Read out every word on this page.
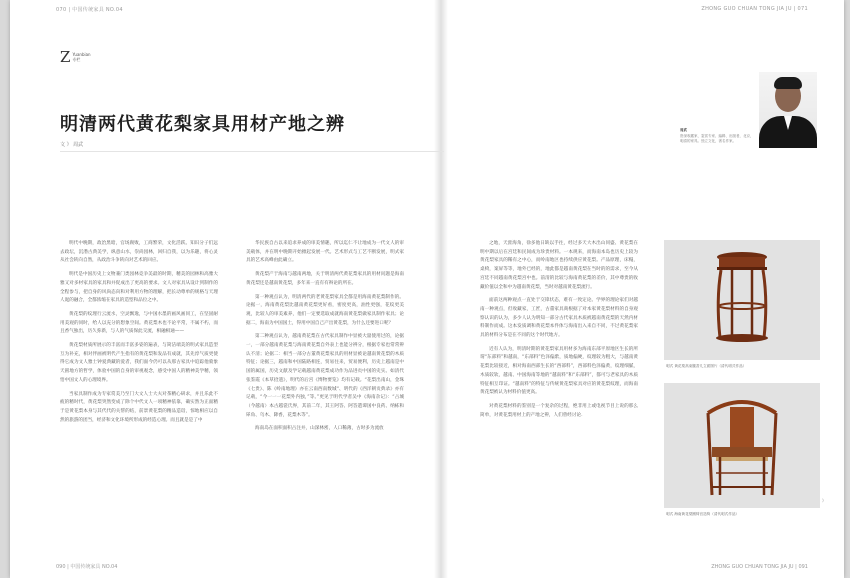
070 | 中国传统家具 NO.04	ZHONG GUO CHUAN TONG JIA JU | 071
Z Yuanbian
专栏
明清两代黄花梨家具用材产地之辨
文 》 周武

明代中晚期，政治黑暗，官场腐败，工商繁荣，文化活跃。知识分子们远去政坛，沉潜古典美学，纵意山水，崇尚园林，回归自我，以为乐趣，将心灵从社会转向自然，从政治斗争转向对艺术的回应。

明代是中国历史上文物兼门类园林竞争美最的时期，精美的园林和高雅大雅又对多材家具的家具和并促成出了更高的要求。文人对家具从设计到制作的全程参与，把自身的风尚态向和对利用方物的理解，把长动尊单的规格与天理人诞的融合，全都浓缩在家具的造型和品位之中。

黄花梨的纹理行云流水，空灵飘逸，与中国水墨的画风画同工，在坚固耐用美观的同时，给人以充分的想象空间。黄花梨木也不论平常，不属不朽，而且香气独出，历久弥新，与人的气质保此交流，相融相通——

黄花梨材质所展示的丰富而丰富多姿的遍表，与简洁端美的明式家具造型互为补充，相对伴画被明代产生指有的黄花梨和发品有成就，其先淳气质更使得它成为文人雅士钟爱典藏的爱者，我们面今仍可以从那古家具中追踪他骑象天圆地方的哲学，体验中国的自身的审视观念，感受中国人的精神美学精，领悟中国文人的心理境界。

当家具制作成为专家赏美乃至门大文人士大夫对茶精心研求，并且乐此不疲的精时代，黄花梨突然变成了除个中代文人一项精神依靠，确实然为正面精于是黄花梨本身与其代代的关帮的结，前景黄花梨的精品造诣，惊地相应以自然的旅游的团当，经济和文化环境所形成的经造心理。而且就是是了中

华民族自古以来追求养成的审美情趣，所以迄仁不让地成为一代文人的审美载体，并在明中晚期开始掀起发展一代。艺术形式与工艺不断发展，明式家具的艺术高峰由此确立。

黄花梨产于海南与越南两地，关于明清两代黄花梨家具的用材问题是海南黄花梨还是越南黄花梨，多年来一直有有辩论的所在。

第一种观点认为，明清两代的老黄花梨家具全都是用海南黄花梨制作的。论据一，海南黄花梨比越南黄花梨更好看，密度更高，油性更强，花纹更美观，比较人的审美素养，他们一定要选取成就海南黄花梨做家具制作家具；论据二，海南为中国国土，得用中国自己产出黄花梨，为什么还要进口呢？

第二种观点认为，越南黄花梨在古代家具制作中显被大量使用过的，论据一，一部分越南黄花梨与海南黄花梨自外表上也能分辨分，根据专家也常常辨认不清；论据二：相当一部分古董黄花梨家具的用材显被论越南黄花梨的木质特征；论据三，越南和中国陆路相连，贸易往来，贸易便利，历史上越南是中国的属国，历史文献及学记载越南黄花梨成功作为品进贡中国的史实。如清代张鉴霞《本草拾遗》，明代的后宫《博物要览》均有记载。“花梨出南山，金珠《七贵》、陈《岭南地理》亦在云南西南数城“、明代的《西洋朝贡典录》亦有记载，“今一一一花梨外内独，”等。”更见于明代学者吴中《海南杂记》：“占城（今越南）本古越裳氏界，其前二年，其王阿答、阿答遣谭国中良药、纳栋和犀角、乌木、降香，花梨木等”。

海南岛在面积面积占注并，山深林密，人口稀薄，古时多为流放

之地，天涯海角，徐多他日缺以手往，经过多天大木出山同盛、黄花梨在明中期以后在宫廷和民间成为珍贵材料。一本规来，而海南本岛也历史上较为黄花梨家具的稀有之中心，而岭南地区也持续供应黄花梨。产品原理，床榻，桌椅，案屏等等，地外已经的，地此都是越南黄花梨在当时的的需求，至今从宫廷不同越南黄花梨宫中也。前清的比较与海南黄花梨的差价，其中尊贵的收藏价值以全和中为越南黄花梨，当时对越南黄花梨流行。

面前这两种观点一直处于交锋状态，难有一致定论。学界的理论家们对越南一种观点，但收藏家，工匠，古董家具商根据了对本家黄花梨材料的自身观察认识的认为，多少人认为明知一部分古代家具木质被越南黄花梨的天然内材料制作而成。这本发质调和黄花梨本件体与海南出入来自不同，不过黄花梨家具的材料分布是在不同的这个时代地方。

近有人认为，明清时期的黄花梨家具用材多为海南东部平原地区生长的所谓“东部料”和越南，“东部料”色泽偏紫，质地偏硬，纹理较为粗大，与越南黄花梨比较接近，相对海南西部生长的“西部料”，西部料色泽偏黄，纹理细腻，木质较软，越南、中国海南等地的“越南料”和“东部料”，都可与老家具的木质特征相互印证。“越南料”的特征与传统黄花梨家具对应的黄花梨纹理，而海南黄花梨被认为材料价值更高。

对黄花梨材料的鉴别是一个复杂的过程，绝非用上或电视节目上说的那么简单，对黄花梨用材上的产地之辨，人们曾经讨论.

周武
资深收藏家、鉴赏专家、编辑、出版者，北京，明清的家具。独立文化，著名作家。
明式 黄花梨高束腰香几立面图片（清代明式作品）
明式 海南黄花梨圈椅官造椅（清代明式作品）
》
090 | 中国传统家具 NO.04	ZHONG GUO CHUAN TONG JIA JU | 091
